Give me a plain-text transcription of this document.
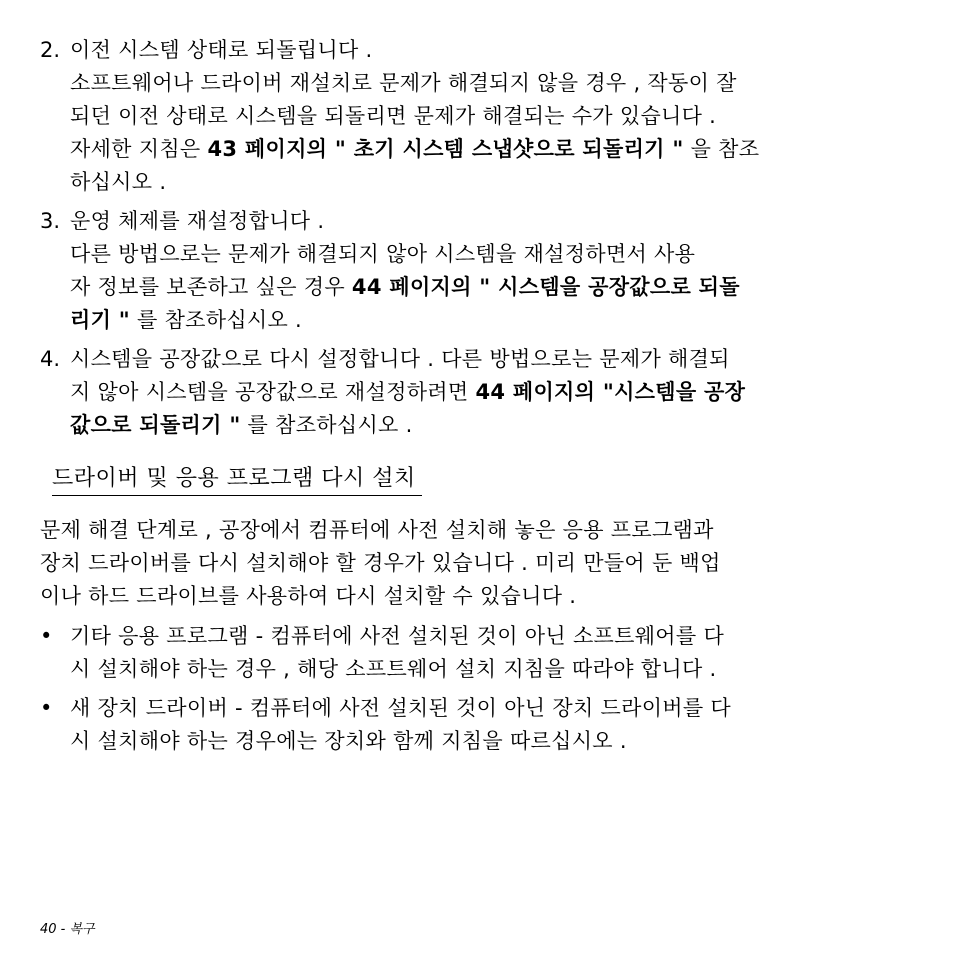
2. 이전 시스템 상태로 되돌립니다 .
소프트웨어나 드라이버 재설치로 문제가 해결되지 않을 경우 , 작동이 잘
되던 이전 상태로 시스템을 되돌리면 문제가 해결되는 수가 있습니다 .
자세한 지침은 43 페이지의 " 초기 시스템 스냅샷으로 되돌리기 " 을 참조
하십시오 .
3. 운영 체제를 재설정합니다 .
다른 방법으로는 문제가 해결되지 않아 시스템을 재설정하면서 사용
자 정보를 보존하고 싶은 경우 44 페이지의 " 시스템을 공장값으로 되돌
리기 " 를 참조하십시오 .
4. 시스템을 공장값으로 다시 설정합니다 . 다른 방법으로는 문제가 해결되
지 않아 시스템을 공장값으로 재설정하려면 44 페이지의 "시스템을 공장
값으로 되돌리기 " 를 참조하십시오 .
드라이버 및 응용 프로그램 다시 설치
문제 해결 단계로 , 공장에서 컴퓨터에 사전 설치해 놓은 응용 프로그램과
장치 드라이버를 다시 설치해야 할 경우가 있습니다 . 미리 만들어 둔 백업
이나 하드 드라이브를 사용하여 다시 설치할 수 있습니다 .
• 기타 응용 프로그램 - 컴퓨터에 사전 설치된 것이 아닌 소프트웨어를 다
시 설치해야 하는 경우 , 해당 소프트웨어 설치 지침을 따라야 합니다 .
• 새 장치 드라이버 - 컴퓨터에 사전 설치된 것이 아닌 장치 드라이버를 다
시 설치해야 하는 경우에는 장치와 함께 지침을 따르십시오 .
40 - 복구
